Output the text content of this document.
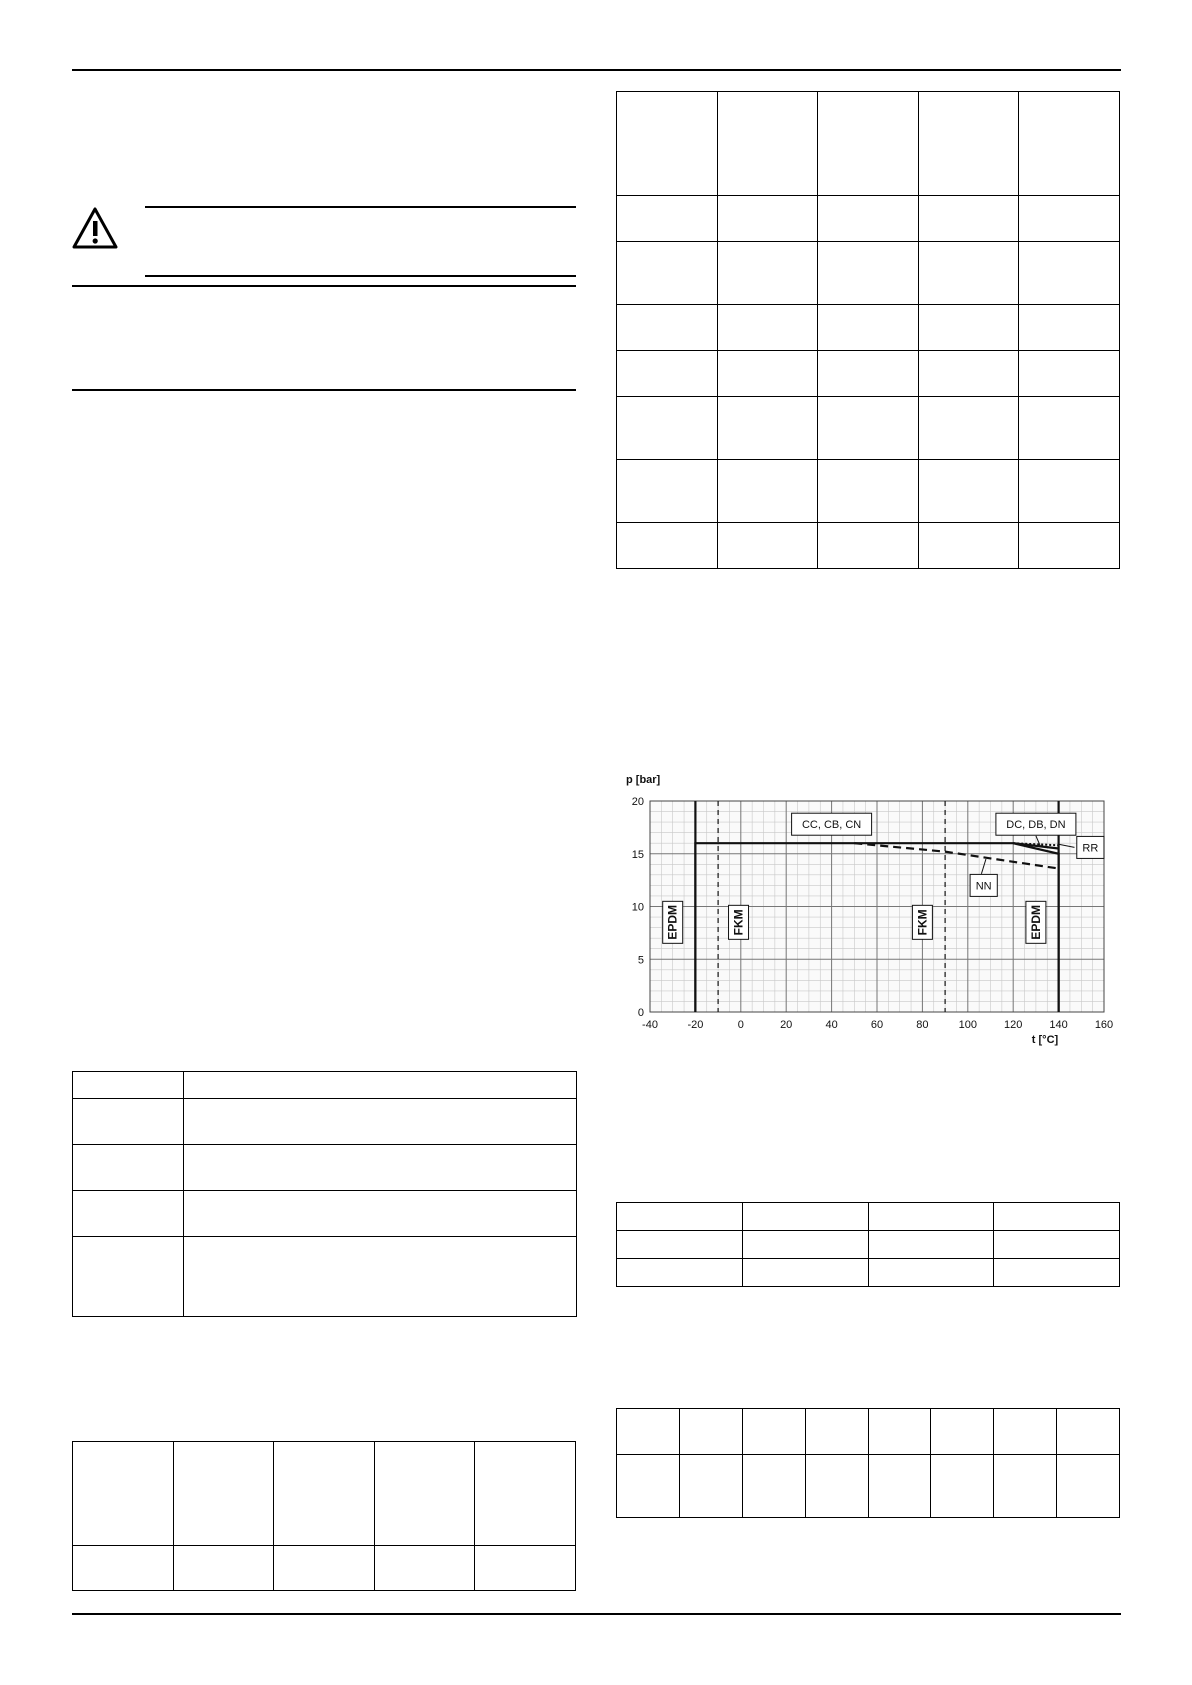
-40	-20	0	20	40	60	80	100 120 140 160
0
5
10
15
20
p [bar]
t [°C]
EPDM	FKM	FKM	EPDM
CC, CB, CN	DC, DB, DN
RR
NN
